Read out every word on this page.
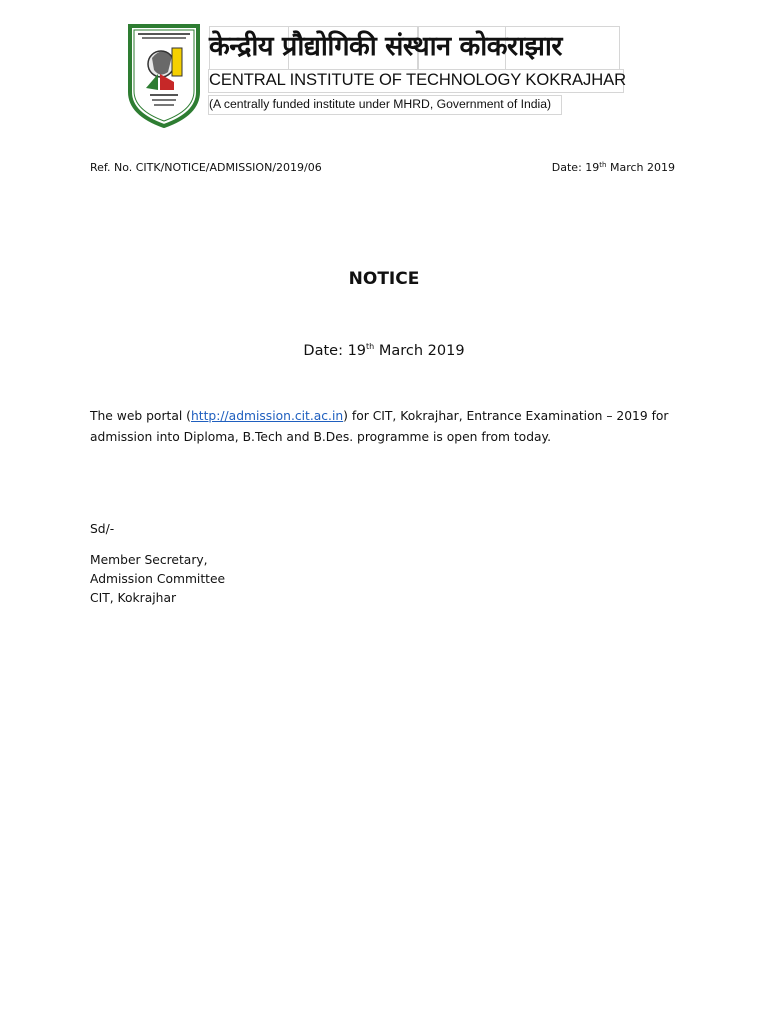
केन्द्रीय प्रौद्योगिकी संस्थान कोकराझार
CENTRAL INSTITUTE OF TECHNOLOGY KOKRAJHAR
(A centrally funded institute under MHRD, Government of India)
Ref. No. CITK/NOTICE/ADMISSION/2019/06	Date: 19th March 2019
NOTICE
Date: 19th March 2019
The web portal (http://admission.cit.ac.in) for CIT, Kokrajhar, Entrance Examination – 2019 for admission into Diploma, B.Tech and B.Des. programme is open from today.
Sd/-
Member Secretary,
Admission Committee
CIT, Kokrajhar
